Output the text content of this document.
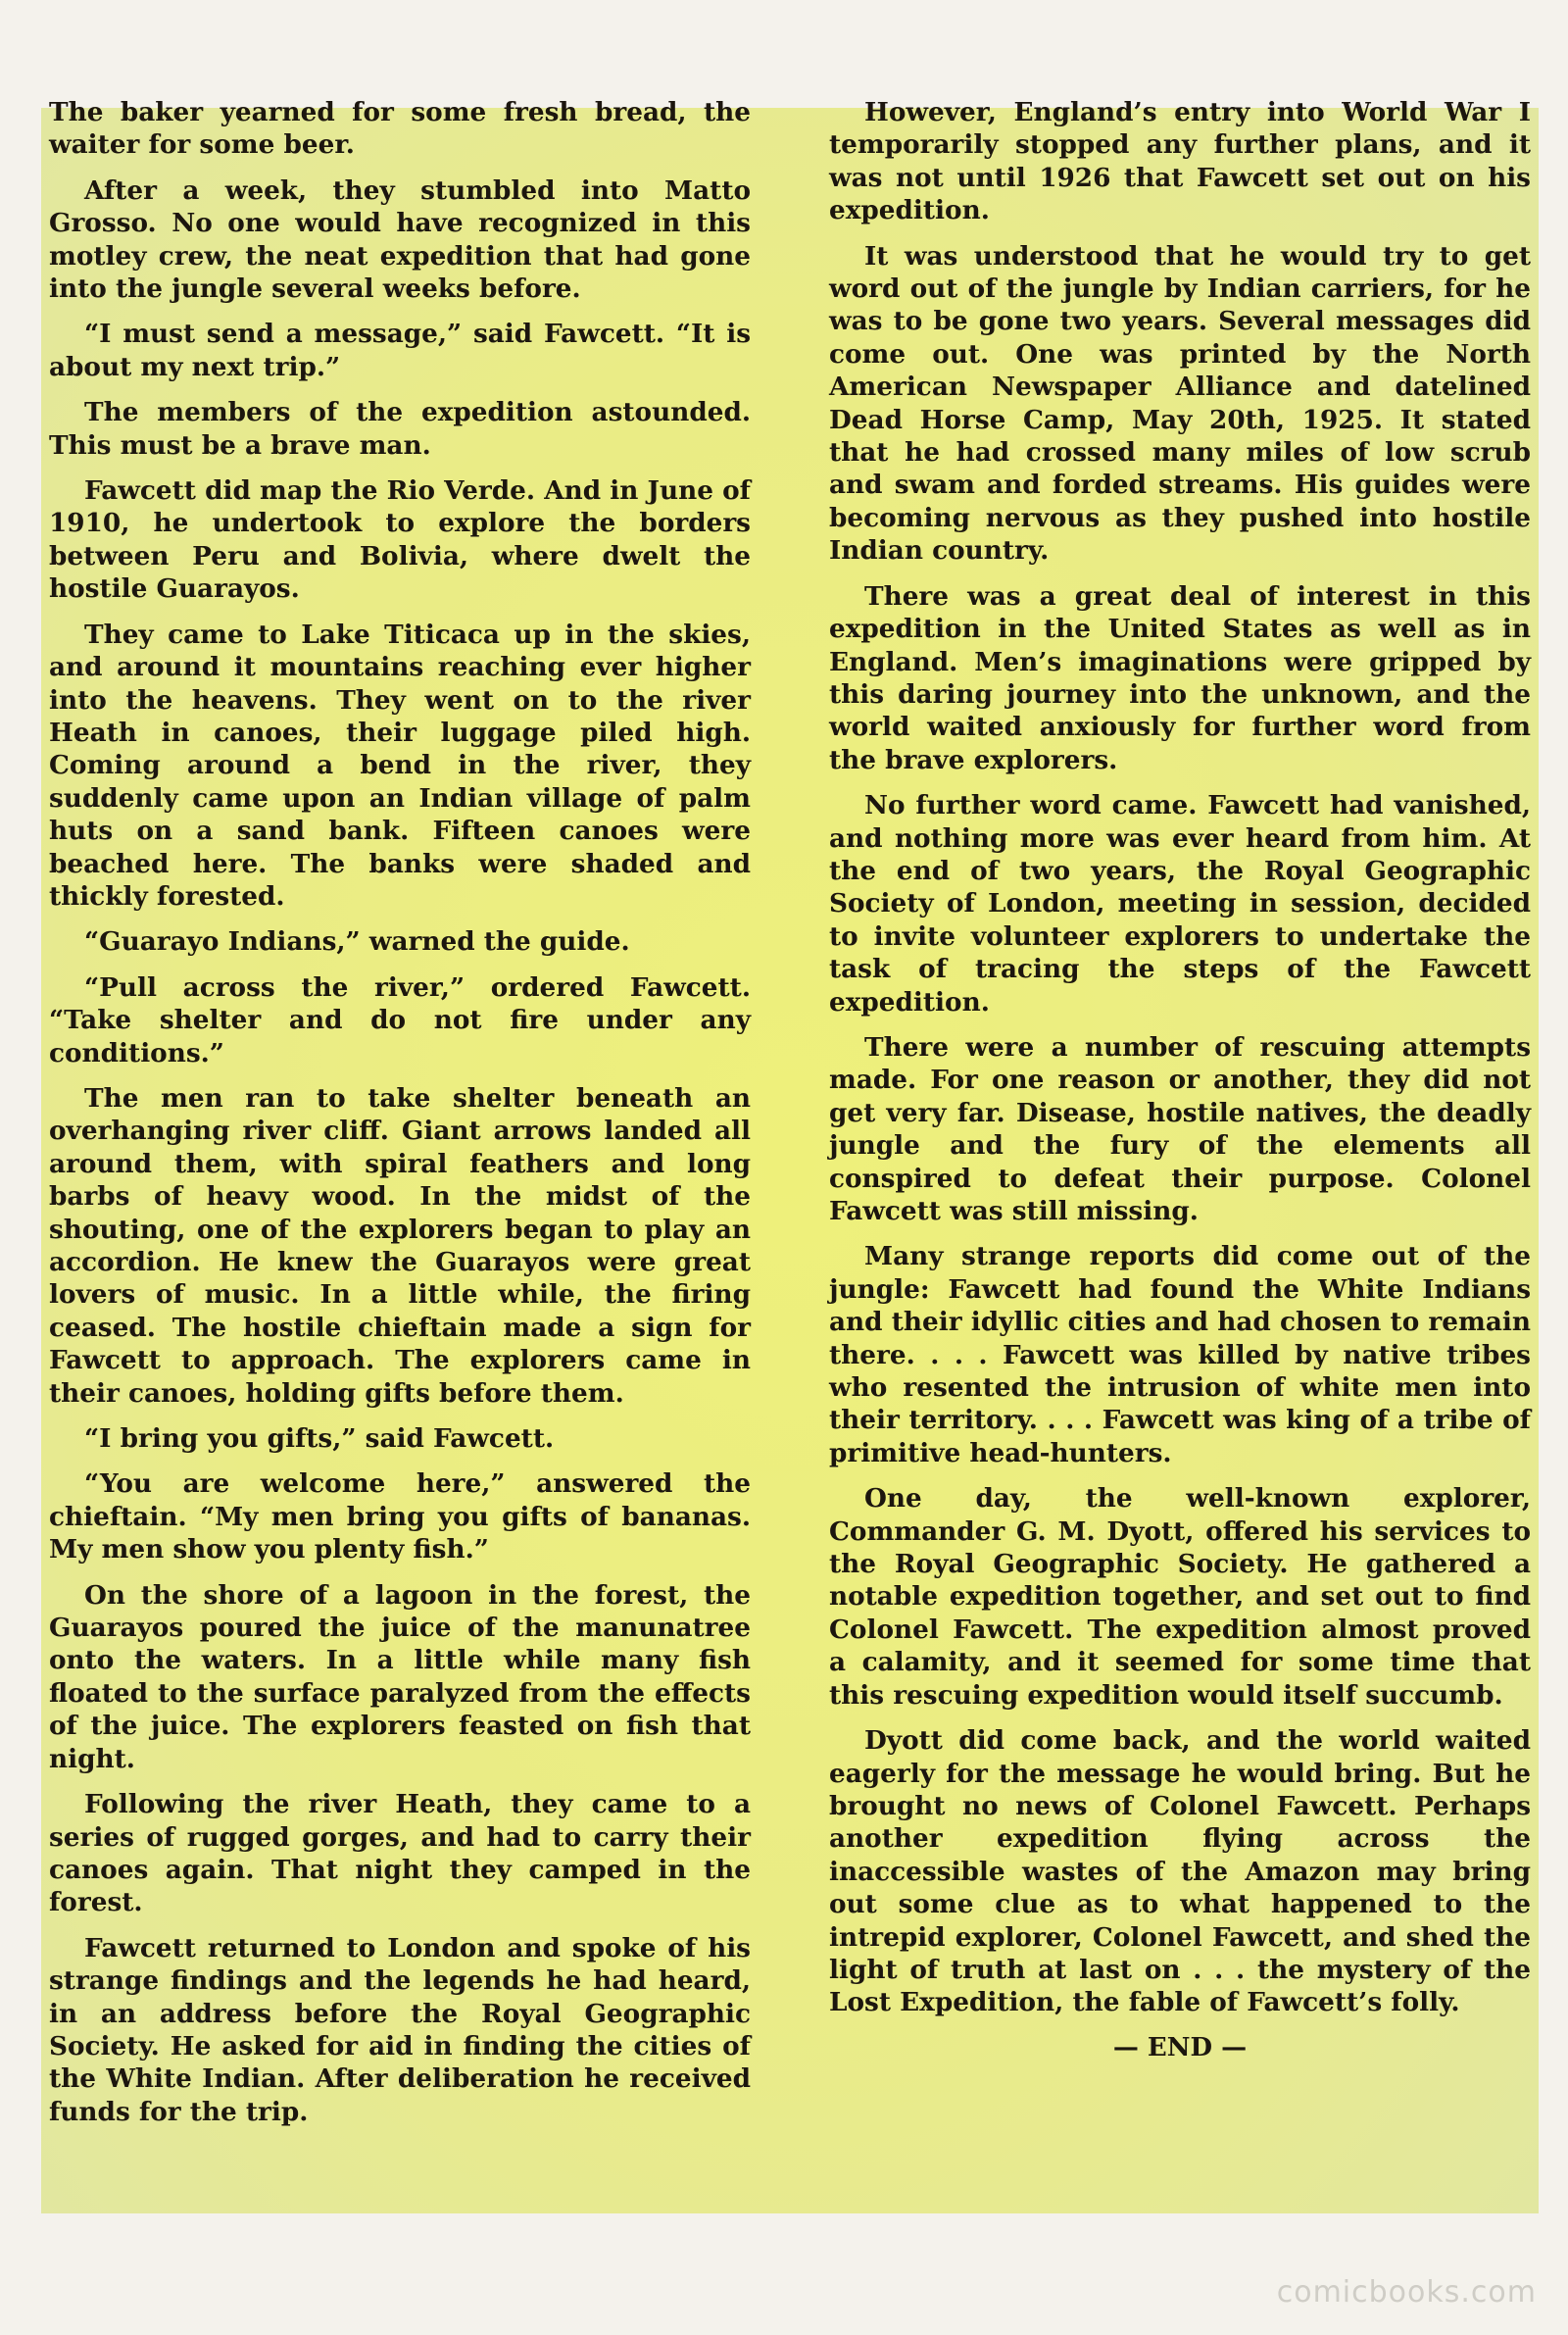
The baker yearned for some fresh bread, the waiter for some beer.

After a week, they stumbled into Matto Grosso. No one would have recognized in this motley crew, the neat expedition that had gone into the jungle several weeks before.

“I must send a message,” said Fawcett. “It is about my next trip.”

The members of the expedition astounded. This must be a brave man.

Fawcett did map the Rio Verde. And in June of 1910, he undertook to explore the borders between Peru and Bolivia, where dwelt the hostile Guarayos.

They came to Lake Titicaca up in the skies, and around it mountains reaching ever higher into the heavens. They went on to the river Heath in canoes, their luggage piled high. Coming around a bend in the river, they suddenly came upon an Indian village of palm huts on a sand bank. Fifteen canoes were beached here. The banks were shaded and thickly forested.

“Guarayo Indians,” warned the guide.

“Pull across the river,” ordered Fawcett. “Take shelter and do not fire under any conditions.”

The men ran to take shelter beneath an overhanging river cliff. Giant arrows landed all around them, with spiral feathers and long barbs of heavy wood. In the midst of the shouting, one of the explorers began to play an accordion. He knew the Guarayos were great lovers of music. In a little while, the firing ceased. The hostile chieftain made a sign for Fawcett to approach. The explorers came in their canoes, holding gifts before them.

“I bring you gifts,” said Fawcett.

“You are welcome here,” answered the chieftain. “My men bring you gifts of bananas. My men show you plenty fish.”

On the shore of a lagoon in the forest, the Guarayos poured the juice of the manunatree onto the waters. In a little while many fish floated to the surface paralyzed from the effects of the juice. The explorers feasted on fish that night.

Following the river Heath, they came to a series of rugged gorges, and had to carry their canoes again. That night they camped in the forest.

Fawcett returned to London and spoke of his strange findings and the legends he had heard, in an address before the Royal Geographic Society. He asked for aid in finding the cities of the White Indian. After deliberation he received funds for the trip.

However, England’s entry into World War I temporarily stopped any further plans, and it was not until 1926 that Fawcett set out on his expedition.

It was understood that he would try to get word out of the jungle by Indian carriers, for he was to be gone two years. Several messages did come out. One was printed by the North American Newspaper Alliance and datelined Dead Horse Camp, May 20th, 1925. It stated that he had crossed many miles of low scrub and swam and forded streams. His guides were becoming nervous as they pushed into hostile Indian country.

There was a great deal of interest in this expedition in the United States as well as in England. Men’s imaginations were gripped by this daring journey into the unknown, and the world waited anxiously for further word from the brave explorers.

No further word came. Fawcett had vanished, and nothing more was ever heard from him. At the end of two years, the Royal Geographic Society of London, meeting in session, decided to invite volunteer explorers to undertake the task of tracing the steps of the Fawcett expedition.

There were a number of rescuing attempts made. For one reason or another, they did not get very far. Disease, hostile natives, the deadly jungle and the fury of the elements all conspired to defeat their purpose. Colonel Fawcett was still missing.

Many strange reports did come out of the jungle: Fawcett had found the White Indians and their idyllic cities and had chosen to remain there. . . . Fawcett was killed by native tribes who resented the intrusion of white men into their territory. . . . Fawcett was king of a tribe of primitive head-hunters.

One day, the well-known explorer, Commander G. M. Dyott, offered his services to the Royal Geographic Society. He gathered a notable expedition together, and set out to find Colonel Fawcett. The expedition almost proved a calamity, and it seemed for some time that this rescuing expedition would itself succumb.

Dyott did come back, and the world waited eagerly for the message he would bring. But he brought no news of Colonel Fawcett. Perhaps another expedition flying across the inaccessible wastes of the Amazon may bring out some clue as to what happened to the intrepid explorer, Colonel Fawcett, and shed the light of truth at last on . . . the mystery of the Lost Expedition, the fable of Fawcett’s folly.

— END —
comicbooks.com
